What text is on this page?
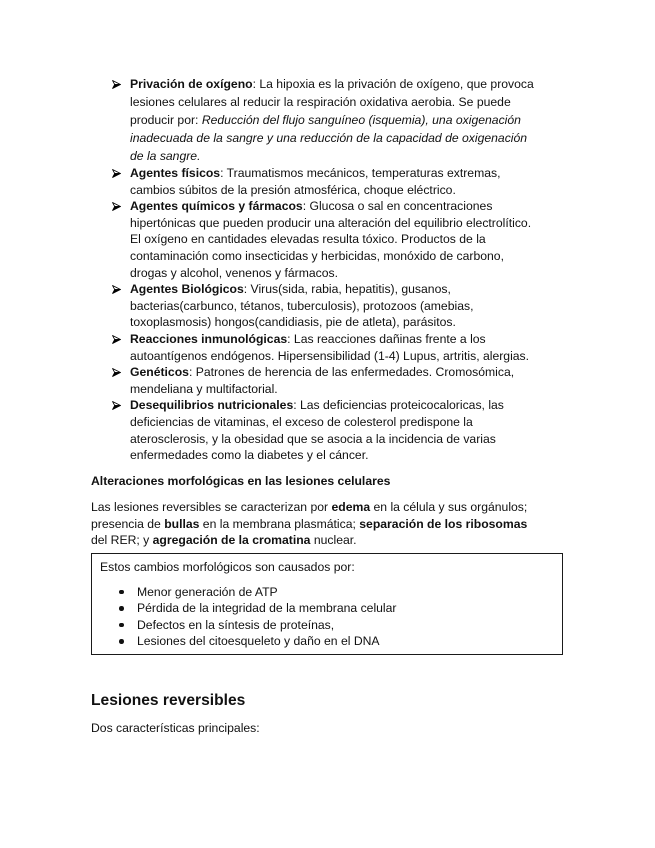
Privación de oxígeno: La hipoxia es la privación de oxígeno, que provoca
lesiones celulares al reducir la respiración oxidativa aerobia. Se puede
producir por: Reducción del flujo sanguíneo (isquemia), una oxigenación
inadecuada de la sangre y una reducción de la capacidad de oxigenación
de la sangre.
Agentes físicos: Traumatismos mecánicos, temperaturas extremas,
cambios súbitos de la presión atmosférica, choque eléctrico.
Agentes químicos y fármacos: Glucosa o sal en concentraciones
hipertónicas que pueden producir una alteración del equilibrio electrolítico.
El oxígeno en cantidades elevadas resulta tóxico. Productos de la
contaminación como insecticidas y herbicidas, monóxido de carbono,
drogas y alcohol, venenos y fármacos.
Agentes Biológicos: Virus(sida, rabia, hepatitis), gusanos,
bacterias(carbunco, tétanos, tuberculosis), protozoos (amebias,
toxoplasmosis) hongos(candidiasis, pie de atleta), parásitos.
Reacciones inmunológicas: Las reacciones dañinas frente a los
autoantígenos endógenos. Hipersensibilidad (1-4) Lupus, artritis, alergias.
Genéticos: Patrones de herencia de las enfermedades. Cromosómica,
mendeliana y multifactorial.
Desequilibrios nutricionales: Las deficiencias proteicocaloricas, las
deficiencias de vitaminas, el exceso de colesterol predispone la
aterosclerosis, y la obesidad que se asocia a la incidencia de varias
enfermedades como la diabetes y el cáncer.
Alteraciones morfológicas en las lesiones celulares
Las lesiones reversibles se caracterizan por edema en la célula y sus orgánulos;
presencia de bullas en la membrana plasmática; separación de los ribosomas
del RER; y agregación de la cromatina nuclear.
Estos cambios morfológicos son causados por:
Menor generación de ATP
Pérdida de la integridad de la membrana celular
Defectos en la síntesis de proteínas,
Lesiones del citoesqueleto y daño en el DNA
Lesiones reversibles
Dos características principales:
